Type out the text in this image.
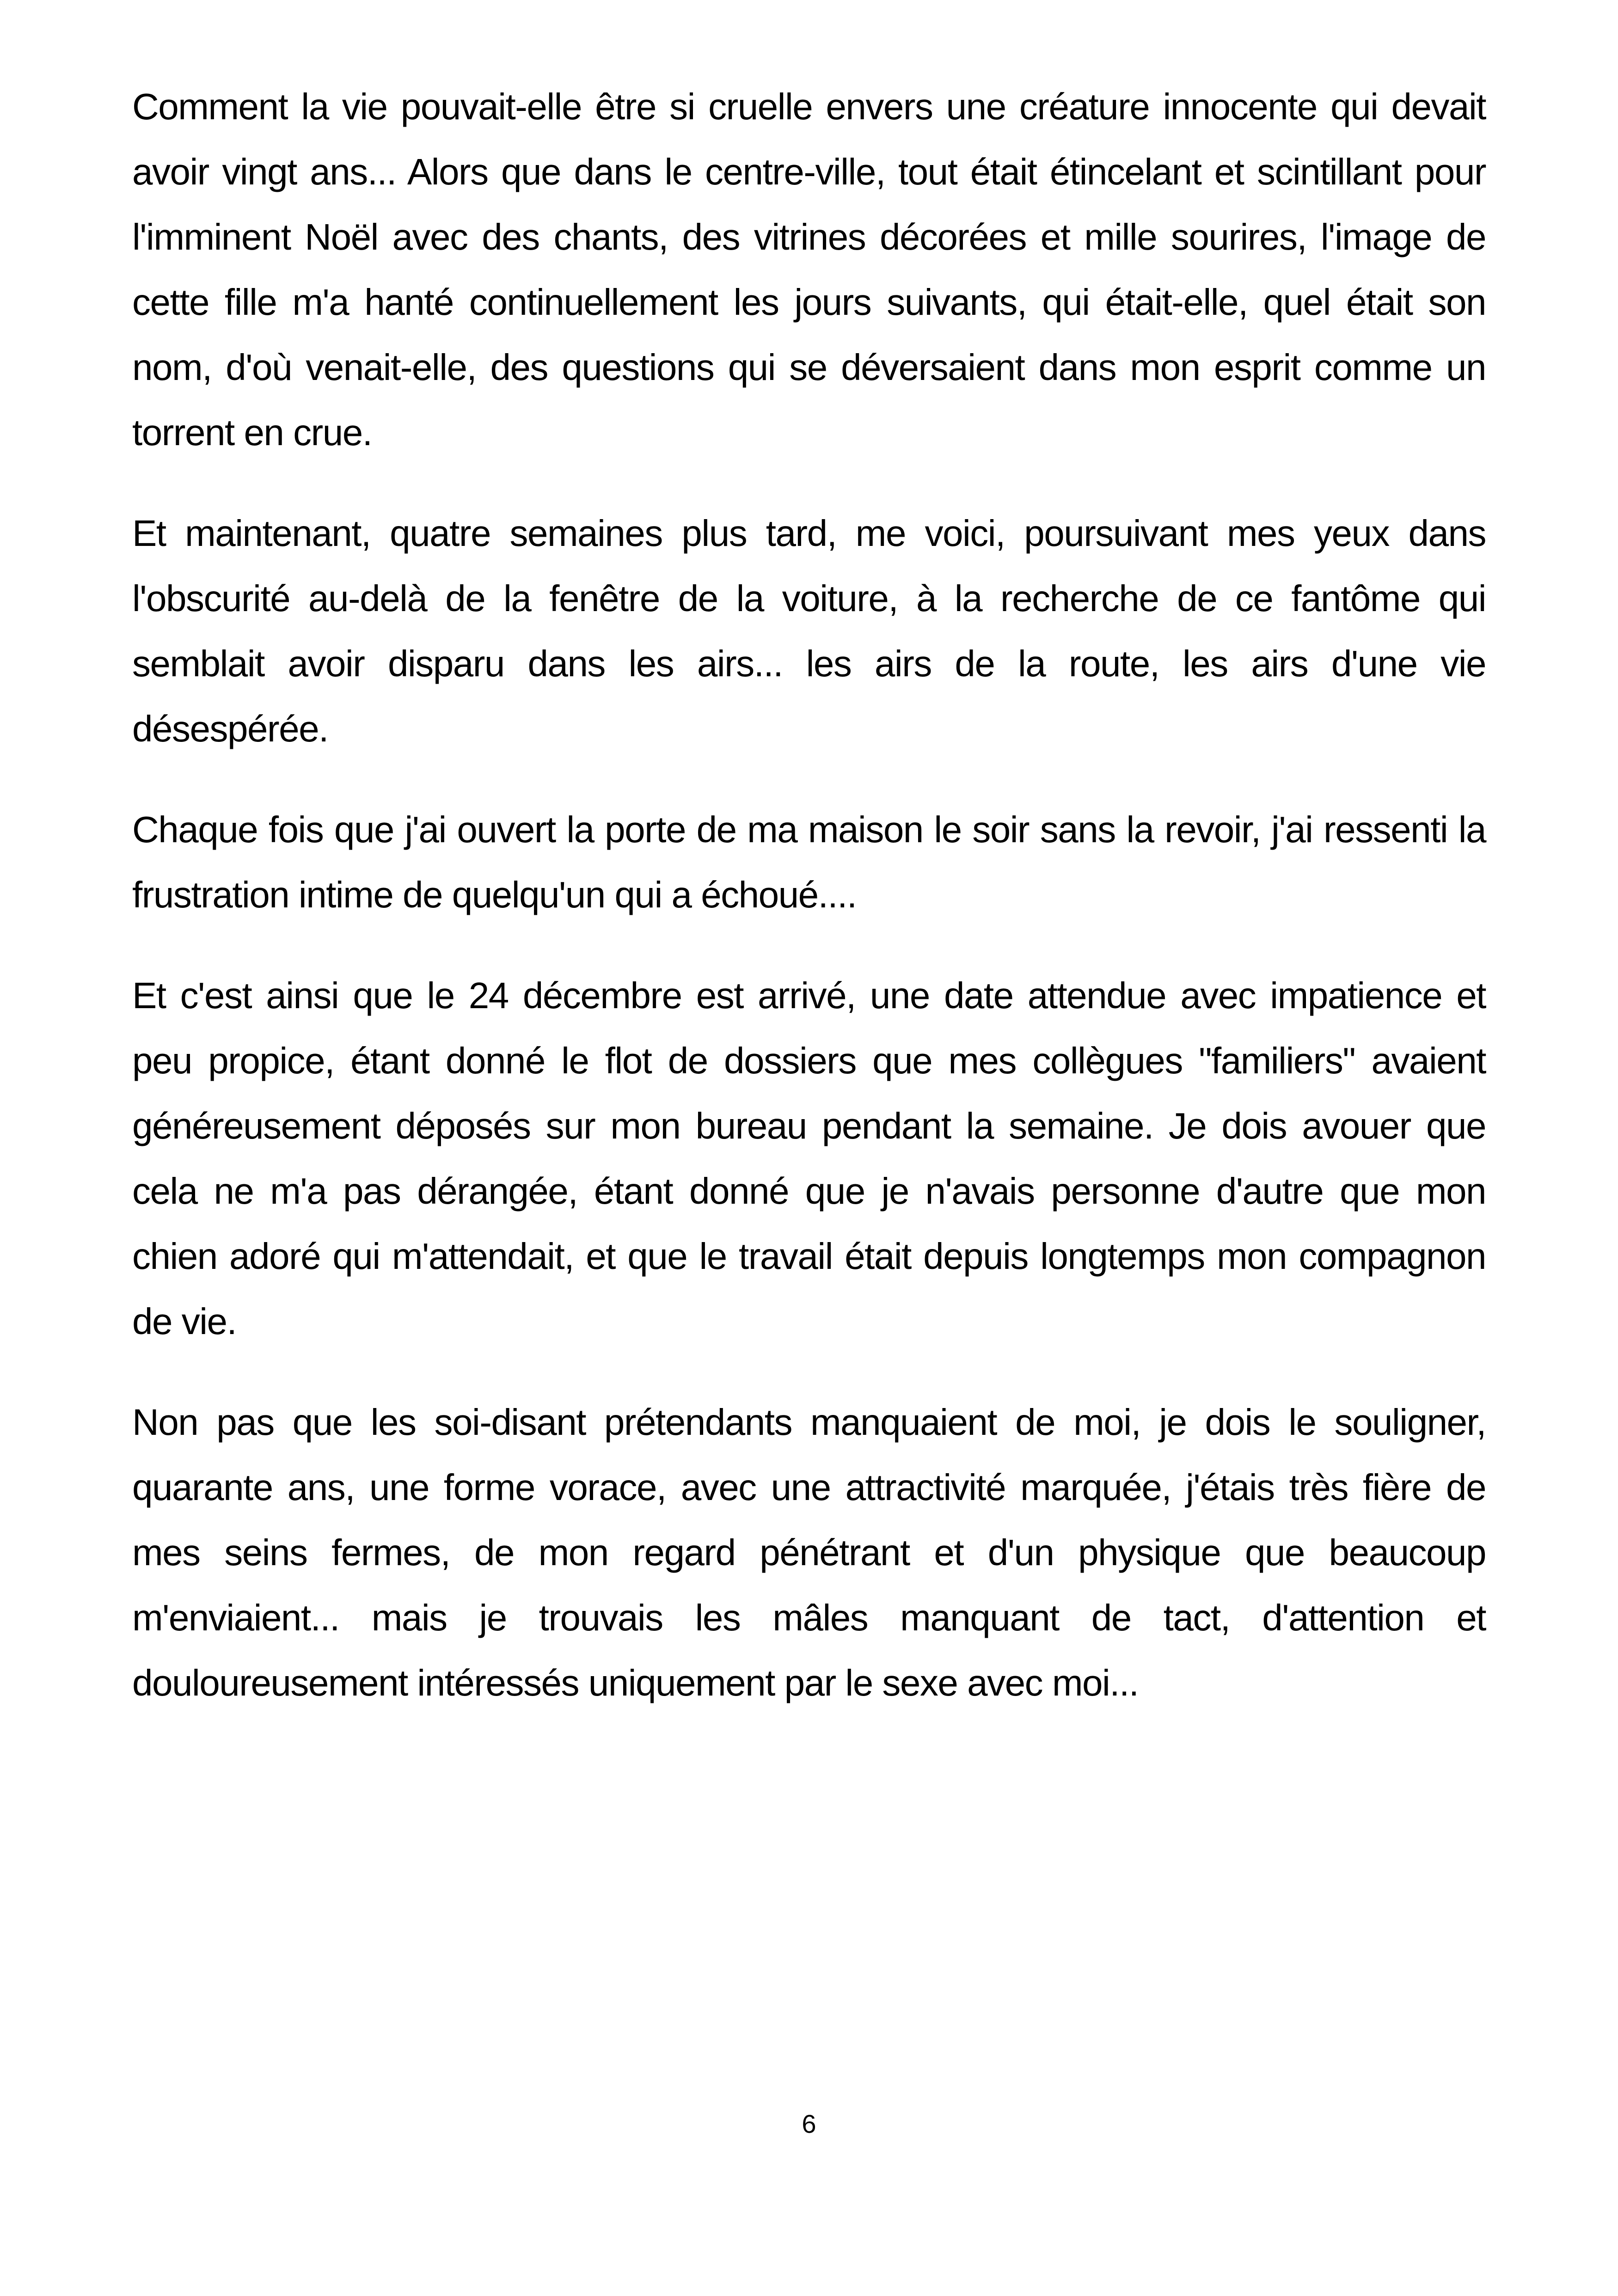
Comment la vie pouvait-elle être si cruelle envers une créature innocente qui devait avoir vingt ans... Alors que dans le centre-ville, tout était étincelant et scintillant pour l'imminent Noël avec des chants, des vitrines décorées et mille sourires, l'image de cette fille m'a hanté continuellement les jours suivants, qui était-elle, quel était son nom, d'où venait-elle, des questions qui se déversaient dans mon esprit comme un torrent en crue.

Et maintenant, quatre semaines plus tard, me voici, poursuivant mes yeux dans l'obscurité au-delà de la fenêtre de la voiture, à la recherche de ce fantôme qui semblait avoir disparu dans les airs... les airs de la route, les airs d'une vie désespérée.

Chaque fois que j'ai ouvert la porte de ma maison le soir sans la revoir, j'ai ressenti la frustration intime de quelqu'un qui a échoué....

Et c'est ainsi que le 24 décembre est arrivé, une date attendue avec impatience et peu propice, étant donné le flot de dossiers que mes collègues "familiers" avaient généreusement déposés sur mon bureau pendant la semaine. Je dois avouer que cela ne m'a pas dérangée, étant donné que je n'avais personne d'autre que mon chien adoré qui m'attendait, et que le travail était depuis longtemps mon compagnon de vie.

Non pas que les soi-disant prétendants manquaient de moi, je dois le souligner, quarante ans, une forme vorace, avec une attractivité marquée, j'étais très fière de mes seins fermes, de mon regard pénétrant et d'un physique que beaucoup m'enviaient... mais je trouvais les mâles manquant de tact, d'attention et douloureusement intéressés uniquement par le sexe avec moi...

6
